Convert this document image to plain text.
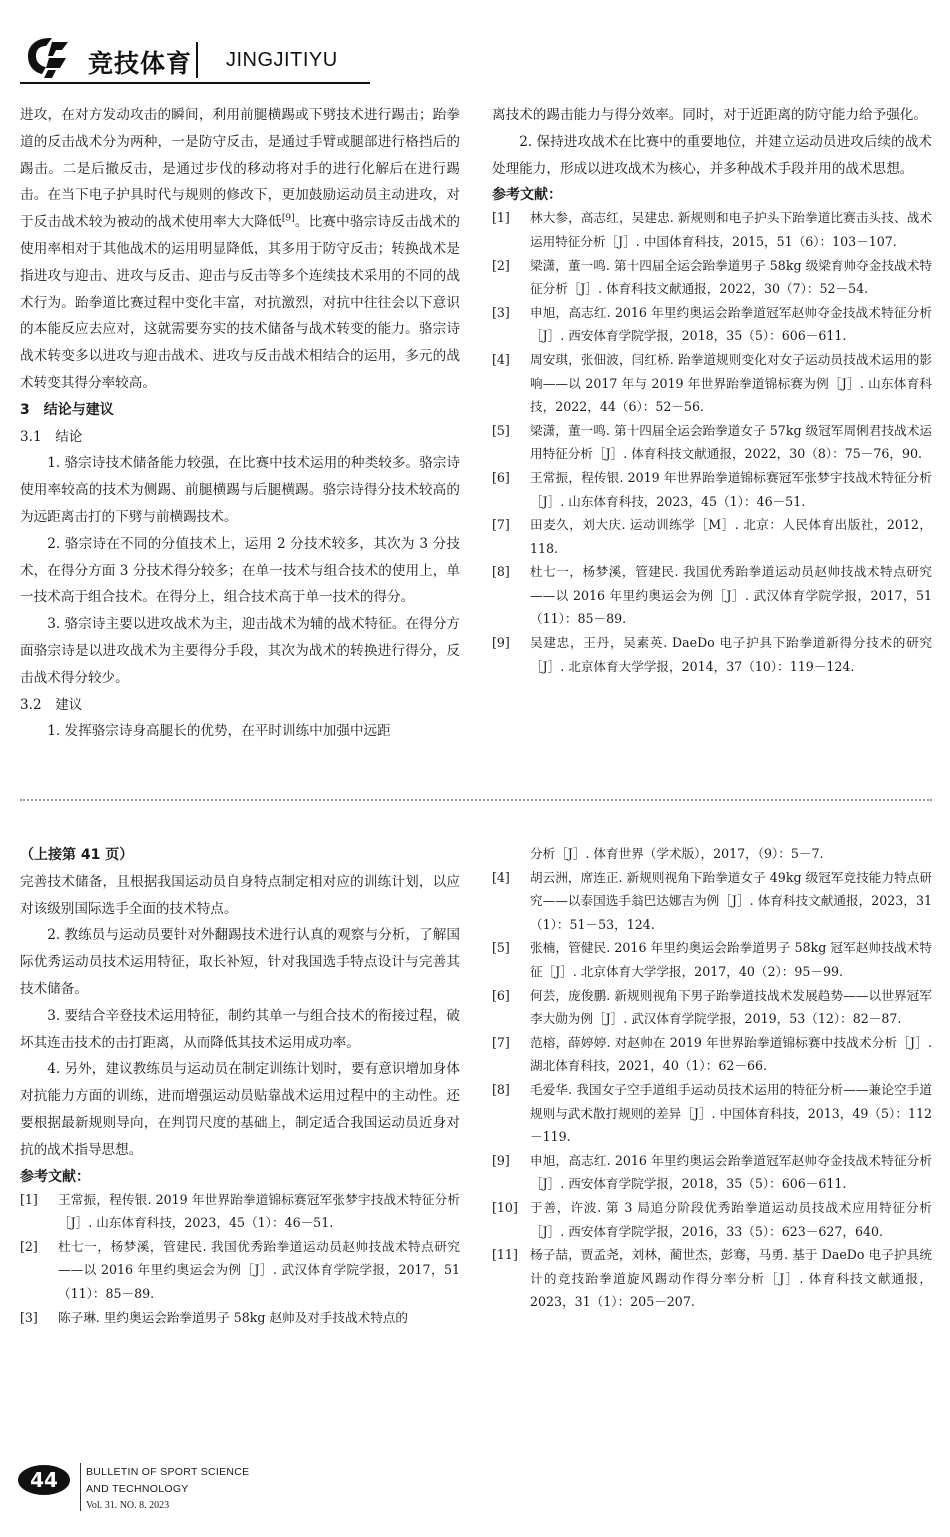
竞技体育 JINGJITIYU

进攻，在对方发动攻击的瞬间，利用前腿横踢或下劈技术进行踢击；跆拳道的反击战术分为两种，一是防守反击，是通过手臂或腿部进行格挡后的踢击。二是后撤反击，是通过步伐的移动将对手的进行化解后在进行踢击。在当下电子护具时代与规则的修改下，更加鼓励运动员主动进攻，对于反击战术较为被动的战术使用率大大降低[9]。比赛中骆宗诗反击战术的使用率相对于其他战术的运用明显降低，其多用于防守反击；转换战术是指进攻与迎击、进攻与反击、迎击与反击等多个连续技术采用的不同的战术行为。跆拳道比赛过程中变化丰富，对抗激烈，对抗中往往会以下意识的本能反应去应对，这就需要夯实的技术储备与战术转变的能力。骆宗诗战术转变多以进攻与迎击战术、进攻与反击战术相结合的运用，多元的战术转变其得分率较高。

3　结论与建议

3.1　结论

1. 骆宗诗技术储备能力较强，在比赛中技术运用的种类较多。骆宗诗使用率较高的技术为侧踢、前腿横踢与后腿横踢。骆宗诗得分技术较高的为远距离击打的下劈与前横踢技术。

2. 骆宗诗在不同的分值技术上，运用 2 分技术较多，其次为 3 分技术，在得分方面 3 分技术得分较多；在单一技术与组合技术的使用上，单一技术高于组合技术。在得分上，组合技术高于单一技术的得分。

3. 骆宗诗主要以进攻战术为主，迎击战术为辅的战术特征。在得分方面骆宗诗是以进攻战术为主要得分手段，其次为战术的转换进行得分，反击战术得分较少。

3.2　建议

1. 发挥骆宗诗身高腿长的优势，在平时训练中加强中远距

离技术的踢击能力与得分效率。同时，对于近距离的防守能力给予强化。

2. 保持进攻战术在比赛中的重要地位，并建立运动员进攻后续的战术处理能力，形成以进攻战术为核心，并多种战术手段并用的战术思想。

参考文献：

[1]	林大参，高志红，吴建忠. 新规则和电子护头下跆拳道比赛击头技、战术运用特征分析［J］. 中国体育科技，2015，51（6）：103－107.
[2]	梁潇，董一鸣. 第十四届全运会跆拳道男子 58kg 级梁育帅夺金技战术特征分析［J］. 体育科技文献通报，2022，30（7）：52－54.
[3]	申旭，高志红. 2016 年里约奥运会跆拳道冠军赵帅夺金技战术特征分析［J］. 西安体育学院学报，2018，35（5）：606－611.
[4]	周安琪，张佃波，闫红桥. 跆拳道规则变化对女子运动员技战术运用的影响——以 2017 年与 2019 年世界跆拳道锦标赛为例［J］. 山东体育科技，2022，44（6）：52－56.
[5]	梁潇，董一鸣. 第十四届全运会跆拳道女子 57kg 级冠军周俐君技战术运用特征分析［J］. 体育科技文献通报，2022，30（8）：75－76，90.
[6]	王常振，程传银. 2019 年世界跆拳道锦标赛冠军张梦宇技战术特征分析［J］. 山东体育科技，2023，45（1）：46－51.
[7]	田麦久，刘大庆. 运动训练学［M］. 北京：人民体育出版社，2012，118.
[8]	杜七一，杨梦溪，管建民. 我国优秀跆拳道运动员赵帅技战术特点研究——以 2016 年里约奥运会为例［J］. 武汉体育学院学报，2017，51（11）：85－89.
[9]	吴建忠，王丹，吴素英. DaeDo 电子护具下跆拳道新得分技术的研究［J］. 北京体育大学学报，2014，37（10）：119－124.

（上接第 41 页）

完善技术储备，且根据我国运动员自身特点制定相对应的训练计划，以应对该级别国际选手全面的技术特点。

2. 教练员与运动员要针对外翻踢技术进行认真的观察与分析，了解国际优秀运动员技术运用特征，取长补短，针对我国选手特点设计与完善其技术储备。

3. 要结合辛登技术运用特征，制约其单一与组合技术的衔接过程，破坏其连击技术的击打距离，从而降低其技术运用成功率。

4. 另外，建议教练员与运动员在制定训练计划时，要有意识增加身体对抗能力方面的训练，进而增强运动员贴靠战术运用过程中的主动性。还要根据最新规则导向，在判罚尺度的基础上，制定适合我国运动员近身对抗的战术指导思想。

参考文献：

[1]	王常振，程传银. 2019 年世界跆拳道锦标赛冠军张梦宇技战术特征分析［J］. 山东体育科技，2023，45（1）：46－51.
[2]	杜七一，杨梦溪，管建民. 我国优秀跆拳道运动员赵帅技战术特点研究——以 2016 年里约奥运会为例［J］. 武汉体育学院学报，2017，51（11）：85－89.
[3]	陈子琳. 里约奥运会跆拳道男子 58kg 赵帅及对手技战术特点的
分析［J］. 体育世界（学术版），2017，（9）：5－7.
[4]	胡云洲，席连正. 新规则视角下跆拳道女子 49kg 级冠军竞技能力特点研究——以泰国选手翁巴达娜吉为例［J］. 体育科技文献通报，2023，31（1）：51－53，124.
[5]	张楠，管健民. 2016 年里约奥运会跆拳道男子 58kg 冠军赵帅技战术特征［J］. 北京体育大学学报，2017，40（2）：95－99.
[6]	何芸，庞俊鹏. 新规则视角下男子跆拳道技战术发展趋势——以世界冠军李大勋为例［J］. 武汉体育学院学报，2019，53（12）：82－87.
[7]	范榕，薛婷婷. 对赵帅在 2019 年世界跆拳道锦标赛中技战术分析［J］. 湖北体育科技，2021，40（1）：62－66.
[8]	毛爱华. 我国女子空手道组手运动员技术运用的特征分析——兼论空手道规则与武术散打规则的差异［J］. 中国体育科技，2013，49（5）：112－119.
[9]	申旭，高志红. 2016 年里约奥运会跆拳道冠军赵帅夺金技战术特征分析［J］. 西安体育学院学报，2018，35（5）：606－611.
[10] 于善，许波. 第 3 局追分阶段优秀跆拳道运动员技战术应用特征分析［J］. 西安体育学院学报，2016，33（5）：623－627，640.
[11] 杨子喆，贾孟尧，刘林，蔺世杰，彭骞，马勇. 基于 DaeDo 电子护具统计的竞技跆拳道旋风踢动作得分率分析［J］. 体育科技文献通报，2023，31（1）：205－207.
44	BULLETIN OF SPORT SCIENCE
AND TECHNOLOGY
Vol. 31. NO. 8. 2023
